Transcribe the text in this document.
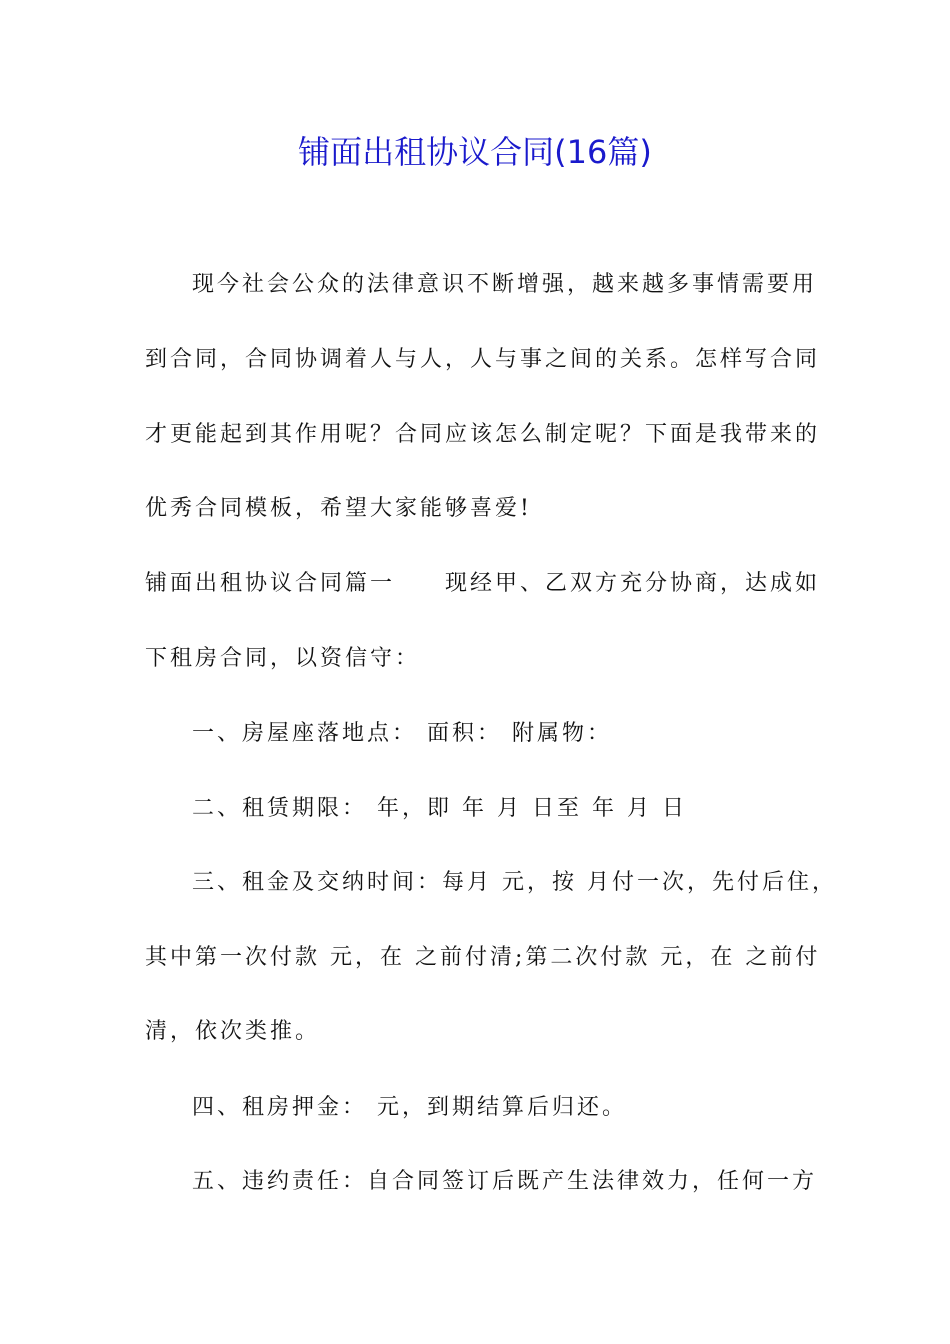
铺面出租协议合同(16篇)
现今社会公众的法律意识不断增强，越来越多事情需要用
到合同，合同协调着人与人，人与事之间的关系。怎样写合同
才更能起到其作用呢？合同应该怎么制定呢？下面是我带来的
优秀合同模板，希望大家能够喜爱!
铺面出租协议合同篇一　　现经甲、乙双方充分协商，达成如
下租房合同，以资信守：
一、房屋座落地点： 面积： 附属物：
二、租赁期限： 年，即 年 月 日至 年 月 日
三、租金及交纳时间：每月 元，按 月付一次，先付后住，
其中第一次付款 元，在 之前付清;第二次付款 元，在 之前付
清，依次类推。
四、租房押金： 元，到期结算后归还。
五、违约责任：自合同签订后既产生法律效力，任何一方
